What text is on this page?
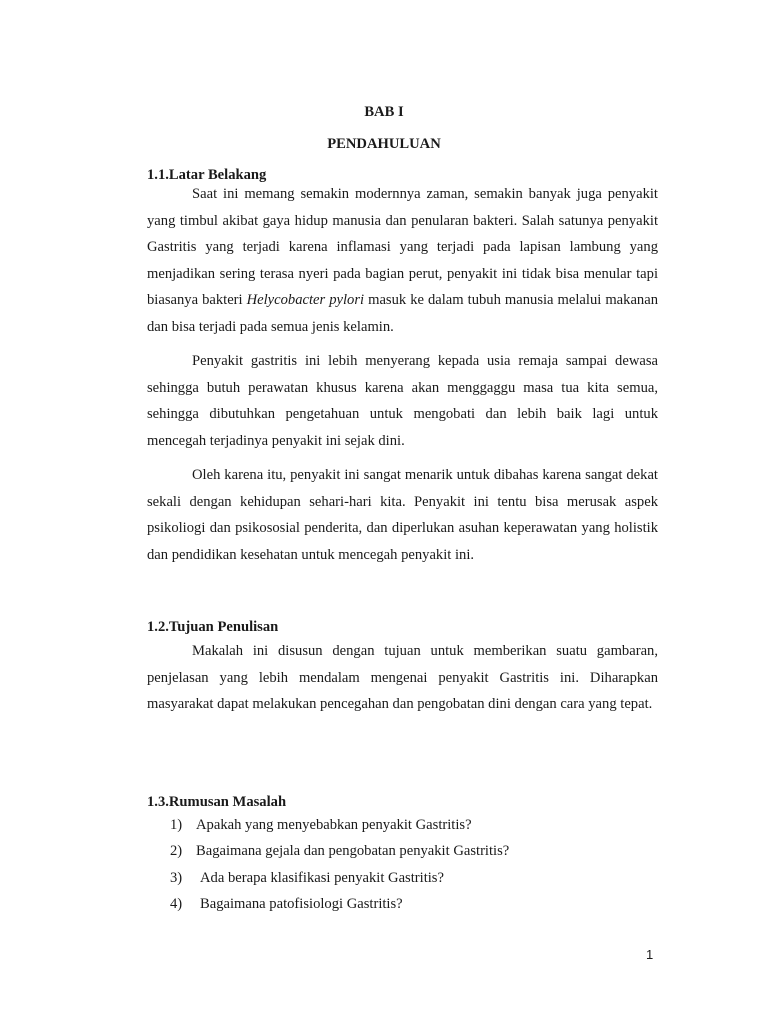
BAB I
PENDAHULUAN
1.1.Latar Belakang

Saat ini memang semakin modernnya zaman, semakin banyak juga penyakit yang timbul akibat gaya hidup manusia dan penularan bakteri. Salah satunya penyakit Gastritis yang terjadi karena inflamasi yang terjadi pada lapisan lambung yang menjadikan sering terasa nyeri pada bagian perut, penyakit ini tidak bisa menular tapi biasanya bakteri Helycobacter pylori masuk ke dalam tubuh manusia melalui makanan dan bisa terjadi pada semua jenis kelamin.

Penyakit gastritis ini lebih menyerang kepada usia remaja sampai dewasa sehingga butuh perawatan khusus karena akan menggaggu masa tua kita semua, sehingga dibutuhkan pengetahuan untuk mengobati dan lebih baik lagi untuk mencegah terjadinya penyakit ini sejak dini.

Oleh karena itu, penyakit ini sangat menarik untuk dibahas karena sangat dekat sekali dengan kehidupan sehari-hari kita. Penyakit ini tentu bisa merusak aspek psikoliogi dan psikososial penderita, dan diperlukan asuhan keperawatan yang holistik dan pendidikan kesehatan untuk mencegah penyakit ini.

1.2.Tujuan Penulisan

Makalah ini disusun dengan tujuan untuk memberikan suatu gambaran, penjelasan yang lebih mendalam mengenai penyakit Gastritis ini. Diharapkan masyarakat dapat melakukan pencegahan dan pengobatan dini dengan cara yang tepat.

1.3.Rumusan Masalah
1) Apakah yang menyebabkan penyakit Gastritis?
2) Bagaimana gejala dan pengobatan penyakit Gastritis?
3) Ada berapa klasifikasi penyakit Gastritis?
4) Bagaimana patofisiologi Gastritis?
1
